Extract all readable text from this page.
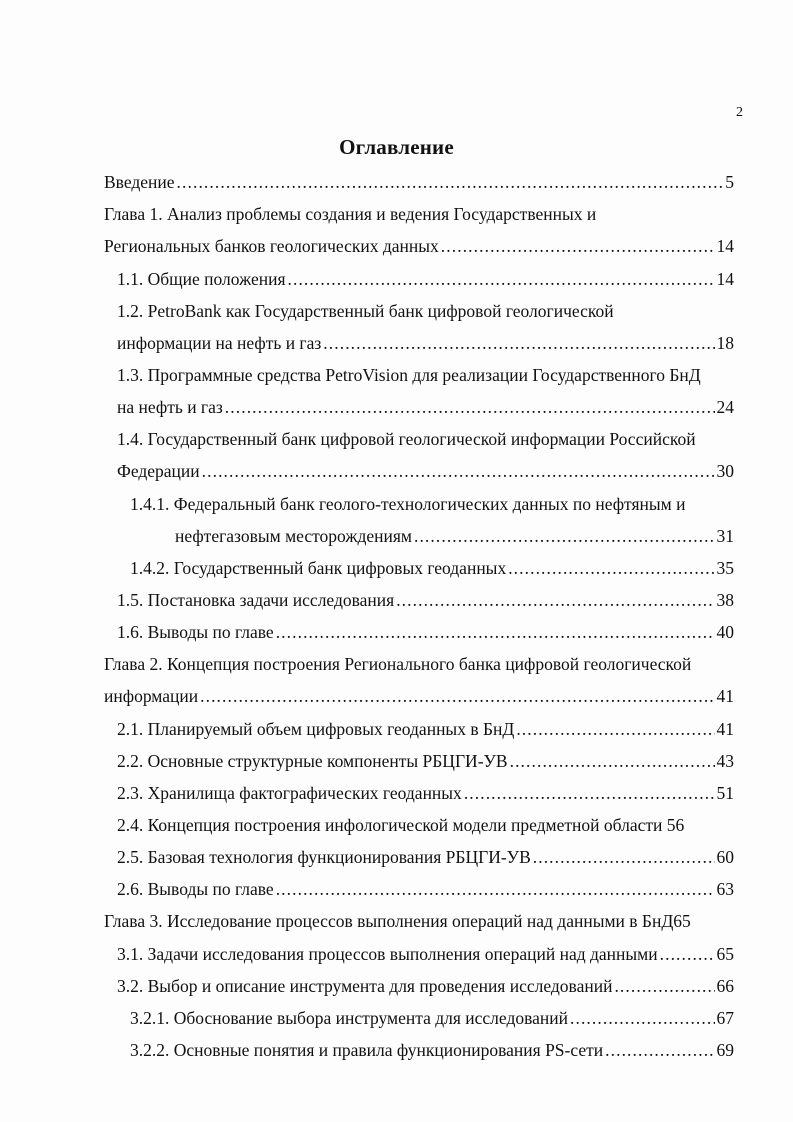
2
Оглавление
Введение .....	5
Глава 1. Анализ проблемы создания и ведения Государственных и
Региональных банков геологических данных .....	14
1.1. Общие положения .....	14
1.2. PetroBank как Государственный банк цифровой геологической
информации на нефть и газ .....	18
1.3. Программные средства PetroVision для реализации Государственного БнД
на нефть и газ .....	24
1.4. Государственный банк цифровой геологической информации Российской
Федерации .....	30
1.4.1. Федеральный банк геолого-технологических данных по нефтяным и
нефтегазовым месторождениям .....	31
1.4.2. Государственный банк цифровых геоданных .....	35
1.5. Постановка задачи исследования .....	38
1.6. Выводы по главе .....	40
Глава 2. Концепция построения Регионального банка цифровой геологической
информации .....	41
2.1. Планируемый объем цифровых геоданных в БнД .....	41
2.2. Основные структурные компоненты РБЦГИ-УВ .....	43
2.3. Хранилища фактографических геоданных .....	51
2.4. Концепция построения инфологической модели предметной области 56
2.5. Базовая технология функционирования РБЦГИ-УВ .....	60
2.6. Выводы по главе .....	63
Глава 3. Исследование процессов выполнения операций над данными в БнД65
3.1. Задачи исследования процессов выполнения операций над данными .....	65
3.2. Выбор и описание инструмента для проведения исследований .....	66
3.2.1. Обоснование выбора инструмента для исследований .....	67
3.2.2. Основные понятия и правила функционирования PS-сети .....	69
